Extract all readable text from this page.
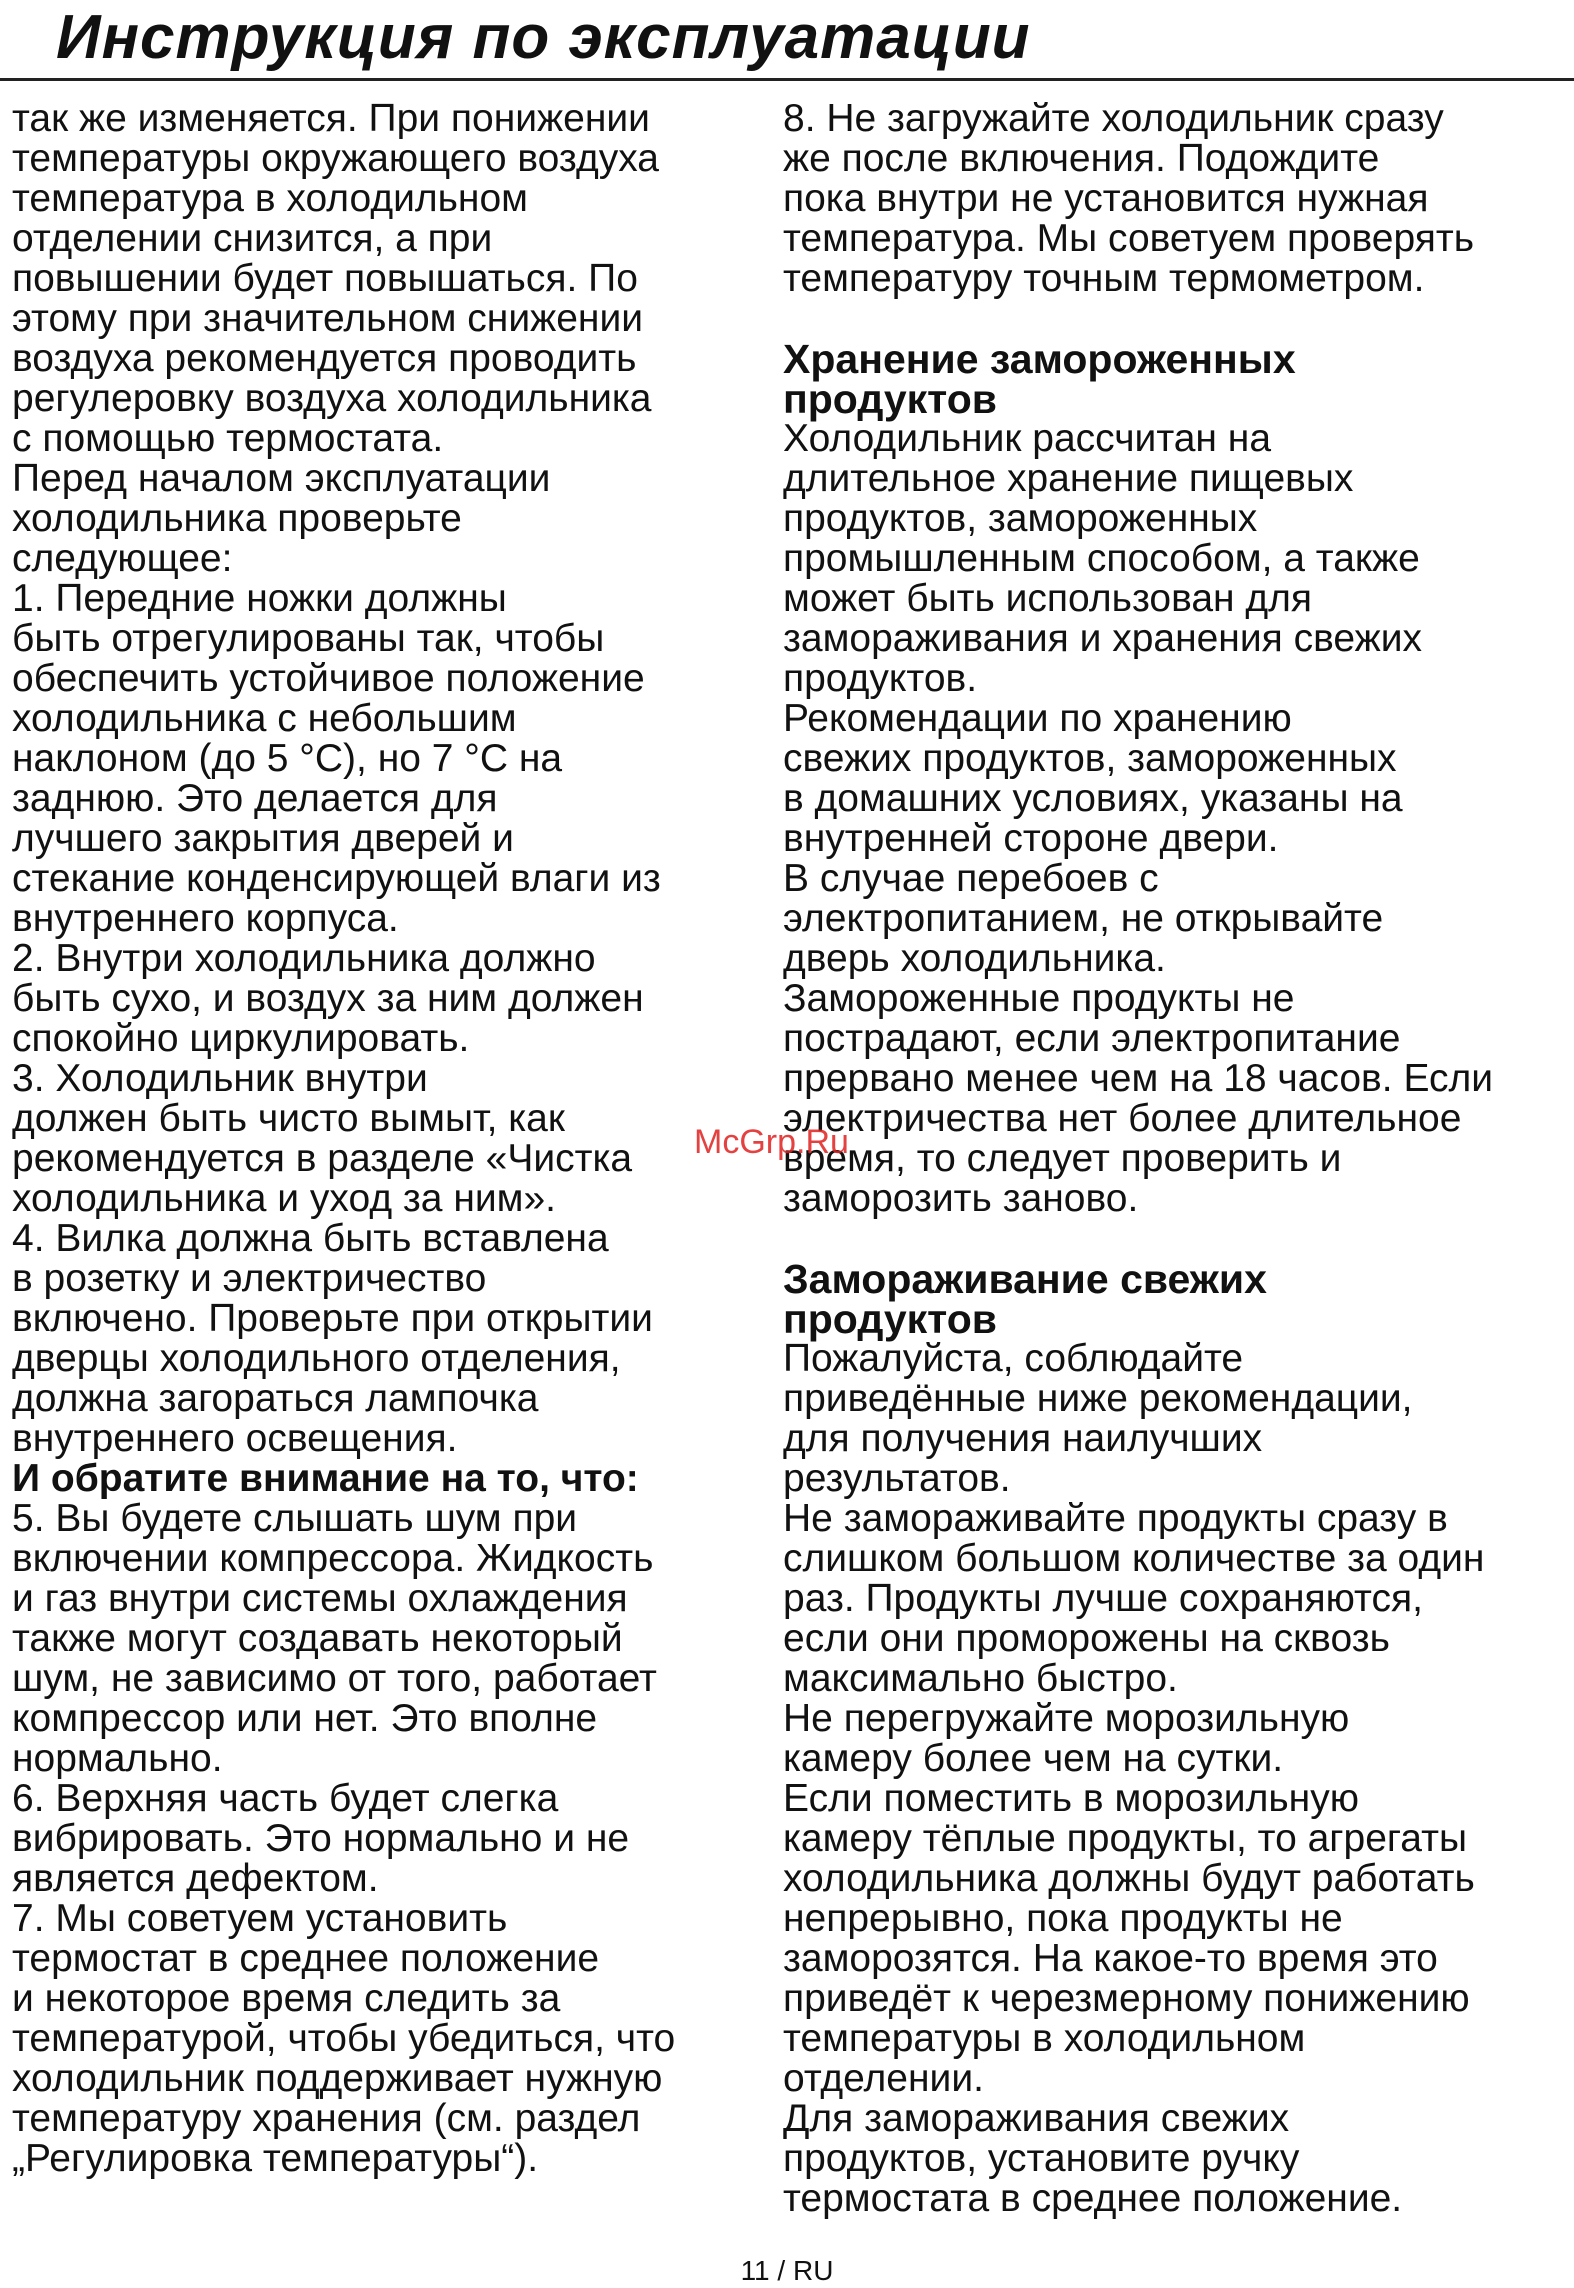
Инструкция по эксплуатации

так же изменяется. При понижении
температуры окружающего воздуха
температура в холодильном
отделении снизится, а при
повышении будет повышаться. По
этому при значительном снижении
воздуха рекомендуется проводить
регулеровку воздуха холодильника
с помощью термостата.

Перед началом эксплуатации
холодильника проверьте
следующее:

1. Передние ножки должны
быть отрегулированы так, чтобы
обеспечить устойчивое положение
холодильника с небольшим
наклоном (до 5 °С), но 7 °С на
заднюю. Это делается для
лучшего закрытия дверей и
стекание конденсирующей влаги из
внутреннего корпуса.

2. Внутри холодильника должно
быть сухо, и воздух за ним должен
спокойно циркулировать.

3. Холодильник внутри
должен быть чисто вымыт, как
рекомендуется в разделе «Чистка
холодильника и уход за ним».

4. Вилка должна быть вставлена
в розетку и электричество
включено. Проверьте при открытии
дверцы холодильного отделения,
должна загораться лампочка
внутреннего освещения.

И обратите внимание на то, что:

5. Вы будете слышать шум при
включении компрессора. Жидкость
и газ внутри системы охлаждения
также могут создавать некоторый
шум, не зависимо от того, работает
компрессор или нет. Это вполне
нормально.

6. Верхняя часть будет слегка
вибрировать. Это нормально и не
является дефектом.

7. Мы советуем установить
термостат в среднее положение
и некоторое время следить за
температурой, чтобы убедиться, что
холодильник поддерживает нужную
температуру хранения (см. раздел
„Регулировка температуры“).

8. Не загружайте холодильник сразу
же после включения. Подождите
пока внутри не установится нужная
температура. Мы советуем проверять
температуру точным термометром.

Хранение замороженных
продуктов

Холодильник рассчитан на
длительное хранение пищевых
продуктов, замороженных
промышленным способом, а также
может быть использован для
замораживания и хранения свежих
продуктов.

Рекомендации по хранению
свежих продуктов, замороженных
в домашних условиях, указаны на
внутренней стороне двери.

В случае перебоев с
электропитанием, не открывайте
дверь холодильника.

Замороженные продукты не
пострадают, если электропитание
прервано менее чем на 18 часов. Если
электричества нет более длительное
время, то следует проверить и
заморозить заново.

Замораживание свежих
продуктов

Пожалуйста, соблюдайте
приведённые ниже рекомендации,
для получения наилучших
результатов.

Не замораживайте продукты сразу в
слишком большом количестве за один
раз. Продукты лучше сохраняются,
если они проморожены на сквозь
максимально быстро.

Не перегружайте морозильную
камеру более чем на сутки.

Если поместить в морозильную
камеру тёплые продукты, то агрегаты
холодильника должны будут работать
непрерывно, пока продукты не
заморозятся. На какое-то время это
приведёт к черезмерному понижению
температуры в холодильном
отделении.

Для замораживания свежих
продуктов, установите ручку
термостата в среднее положение.

McGrp.Ru
11 / RU
